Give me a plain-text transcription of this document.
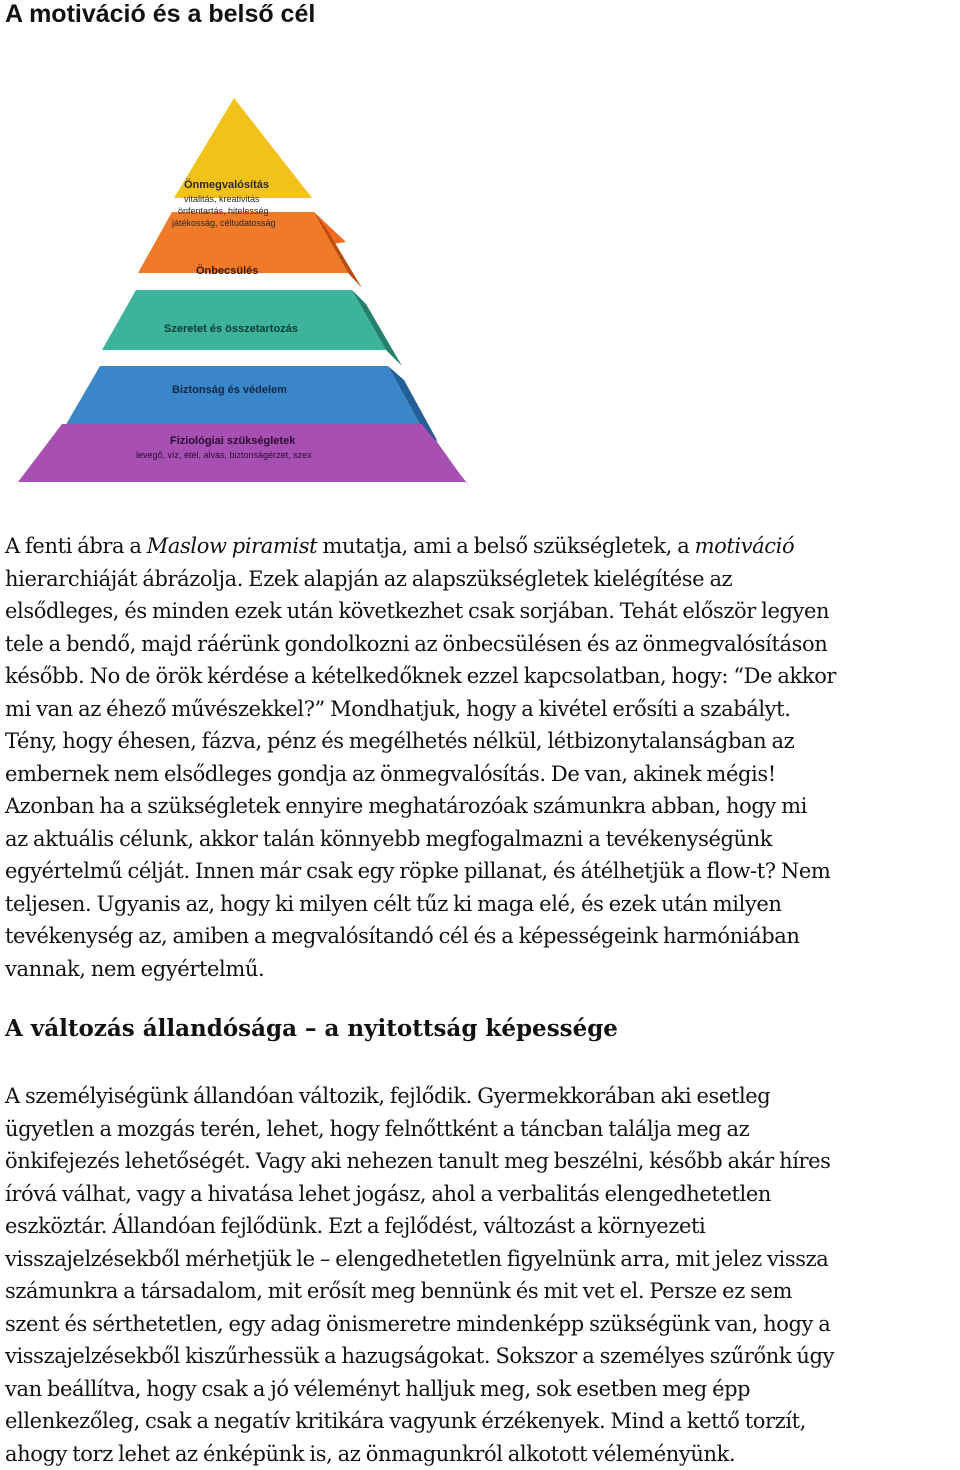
A motiváció és a belső cél
Önmegvalósítás
vitalitás, kreativitás
önfentartás, hitelesség
játékosság, céltudatosság
Önbecsülés
Szeretet és összetartozás
Biztonság és védelem
Fiziológiai szükségletek
levegő, víz, étel, alvás, biztonságérzet, szex

A fenti ábra a Maslow piramist mutatja, ami a belső szükségletek, a motiváció
hierarchiáját ábrázolja. Ezek alapján az alapszükségletek kielégítése az
elsődleges, és minden ezek után következhet csak sorjában. Tehát először legyen
tele a bendő, majd ráérünk gondolkozni az önbecsülésen és az önmegvalósításon
később. No de örök kérdése a kételkedőknek ezzel kapcsolatban, hogy: “De akkor
mi van az éhező művészekkel?” Mondhatjuk, hogy a kivétel erősíti a szabályt.
Tény, hogy éhesen, fázva, pénz és megélhetés nélkül, létbizonytalanságban az
embernek nem elsődleges gondja az önmegvalósítás. De van, akinek mégis!
Azonban ha a szükségletek ennyire meghatározóak számunkra abban, hogy mi
az aktuális célunk, akkor talán könnyebb megfogalmazni a tevékenységünk
egyértelmű célját. Innen már csak egy röpke pillanat, és átélhetjük a flow-t? Nem
teljesen. Ugyanis az, hogy ki milyen célt tűz ki maga elé, és ezek után milyen
tevékenység az, amiben a megvalósítandó cél és a képességeink harmóniában
vannak, nem egyértelmű.

A változás állandósága – a nyitottság képessége

A személyiségünk állandóan változik, fejlődik. Gyermekkorában aki esetleg
ügyetlen a mozgás terén, lehet, hogy felnőttként a táncban találja meg az
önkifejezés lehetőségét. Vagy aki nehezen tanult meg beszélni, később akár híres
íróvá válhat, vagy a hivatása lehet jogász, ahol a verbalitás elengedhetetlen
eszköztár. Állandóan fejlődünk. Ezt a fejlődést, változást a környezeti
visszajelzésekből mérhetjük le – elengedhetetlen figyelnünk arra, mit jelez vissza
számunkra a társadalom, mit erősít meg bennünk és mit vet el. Persze ez sem
szent és sérthetetlen, egy adag önismeretre mindenképp szükségünk van, hogy a
visszajelzésekből kiszűrhessük a hazugságokat. Sokszor a személyes szűrőnk úgy
van beállítva, hogy csak a jó véleményt halljuk meg, sok esetben meg épp
ellenkezőleg, csak a negatív kritikára vagyunk érzékenyek. Mind a kettő torzít,
ahogy torz lehet az énképünk is, az önmagunkról alkotott véleményünk.
